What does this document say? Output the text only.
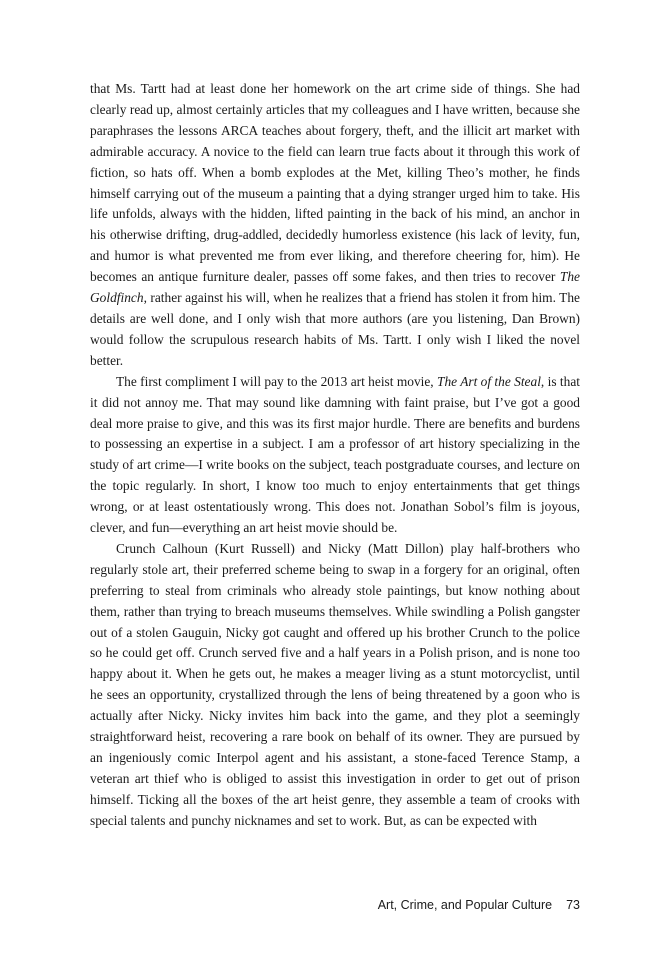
that Ms. Tartt had at least done her homework on the art crime side of things. She had clearly read up, almost certainly articles that my colleagues and I have written, because she paraphrases the lessons ARCA teaches about forgery, theft, and the illicit art market with admirable accuracy. A novice to the field can learn true facts about it through this work of fiction, so hats off. When a bomb explodes at the Met, killing Theo’s mother, he finds himself carrying out of the museum a painting that a dying stranger urged him to take. His life unfolds, always with the hidden, lifted painting in the back of his mind, an anchor in his otherwise drifting, drug-addled, decidedly humorless existence (his lack of levity, fun, and humor is what prevented me from ever liking, and therefore cheering for, him). He becomes an antique furniture dealer, passes off some fakes, and then tries to recover The Goldfinch, rather against his will, when he realizes that a friend has stolen it from him. The details are well done, and I only wish that more authors (are you listening, Dan Brown) would follow the scrupulous research habits of Ms. Tartt. I only wish I liked the novel better.

The first compliment I will pay to the 2013 art heist movie, The Art of the Steal, is that it did not annoy me. That may sound like damning with faint praise, but I’ve got a good deal more praise to give, and this was its first major hurdle. There are benefits and burdens to possessing an expertise in a subject. I am a professor of art history specializing in the study of art crime—I write books on the subject, teach postgraduate courses, and lecture on the topic regularly. In short, I know too much to enjoy entertainments that get things wrong, or at least ostentatiously wrong. This does not. Jonathan Sobol’s film is joyous, clever, and fun—everything an art heist movie should be.

Crunch Calhoun (Kurt Russell) and Nicky (Matt Dillon) play half-brothers who regularly stole art, their preferred scheme being to swap in a forgery for an original, often preferring to steal from criminals who already stole paintings, but know nothing about them, rather than trying to breach museums themselves. While swindling a Polish gangster out of a stolen Gauguin, Nicky got caught and offered up his brother Crunch to the police so he could get off. Crunch served five and a half years in a Polish prison, and is none too happy about it. When he gets out, he makes a meager living as a stunt motorcyclist, until he sees an opportunity, crystallized through the lens of being threatened by a goon who is actually after Nicky. Nicky invites him back into the game, and they plot a seemingly straightforward heist, recovering a rare book on behalf of its owner. They are pursued by an ingeniously comic Interpol agent and his assistant, a stone-faced Terence Stamp, a veteran art thief who is obliged to assist this investigation in order to get out of prison himself. Ticking all the boxes of the art heist genre, they assemble a team of crooks with special talents and punchy nicknames and set to work. But, as can be expected with

Art, Crime, and Popular Culture 73
